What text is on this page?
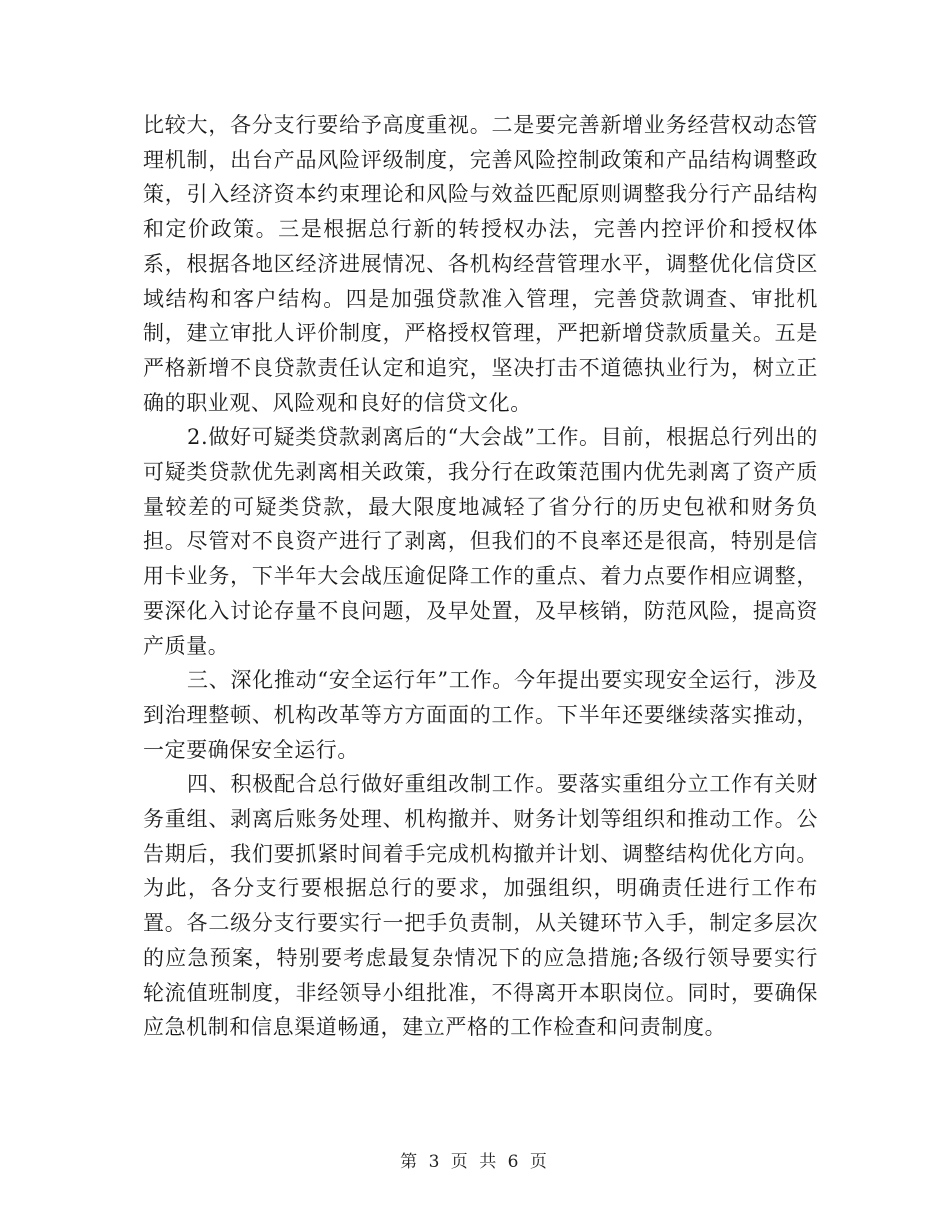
比较大，各分支行要给予高度重视。二是要完善新增业务经营权动态管理机制，出台产品风险评级制度，完善风险控制政策和产品结构调整政策，引入经济资本约束理论和风险与效益匹配原则调整我分行产品结构和定价政策。三是根据总行新的转授权办法，完善内控评价和授权体系，根据各地区经济进展情况、各机构经营管理水平，调整优化信贷区域结构和客户结构。四是加强贷款准入管理，完善贷款调查、审批机制，建立审批人评价制度，严格授权管理，严把新增贷款质量关。五是严格新增不良贷款责任认定和追究，坚决打击不道德执业行为，树立正确的职业观、风险观和良好的信贷文化。

2.做好可疑类贷款剥离后的“大会战”工作。目前，根据总行列出的可疑类贷款优先剥离相关政策，我分行在政策范围内优先剥离了资产质量较差的可疑类贷款，最大限度地减轻了省分行的历史包袱和财务负担。尽管对不良资产进行了剥离，但我们的不良率还是很高，特别是信用卡业务，下半年大会战压逾促降工作的重点、着力点要作相应调整，要深化入讨论存量不良问题，及早处置，及早核销，防范风险，提高资产质量。

三、深化推动“安全运行年”工作。今年提出要实现安全运行，涉及到治理整顿、机构改革等方方面面的工作。下半年还要继续落实推动，一定要确保安全运行。

四、积极配合总行做好重组改制工作。要落实重组分立工作有关财务重组、剥离后账务处理、机构撤并、财务计划等组织和推动工作。公告期后，我们要抓紧时间着手完成机构撤并计划、调整结构优化方向。为此，各分支行要根据总行的要求，加强组织，明确责任进行工作布置。各二级分支行要实行一把手负责制，从关键环节入手，制定多层次的应急预案，特别要考虑最复杂情况下的应急措施;各级行领导要实行轮流值班制度，非经领导小组批准，不得离开本职岗位。同时，要确保应急机制和信息渠道畅通，建立严格的工作检查和问责制度。

第 3 页 共 6 页
